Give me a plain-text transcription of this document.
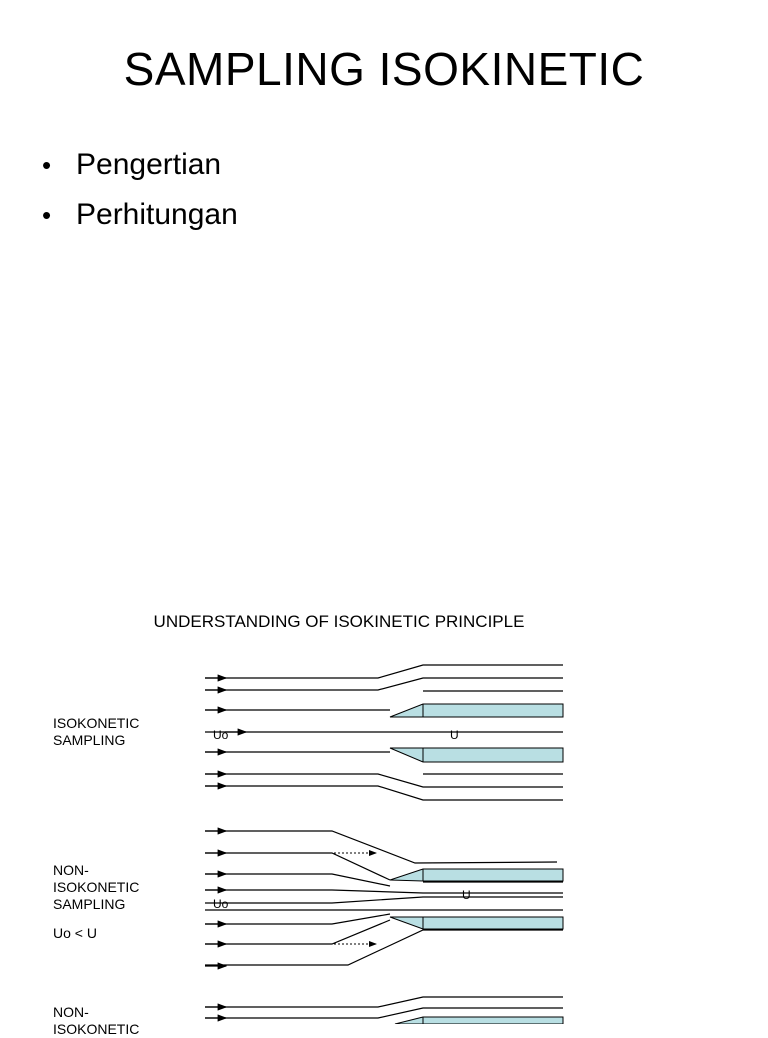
SAMPLING ISOKINETIC
• Pengertian
• Perhitungan
UNDERSTANDING OF ISOKINETIC PRINCIPLE
ISOKONETIC
SAMPLING
NON-
ISOKONETIC
SAMPLING
Uo < U
NON-
ISOKONETIC
Uo	U
Uo
U
